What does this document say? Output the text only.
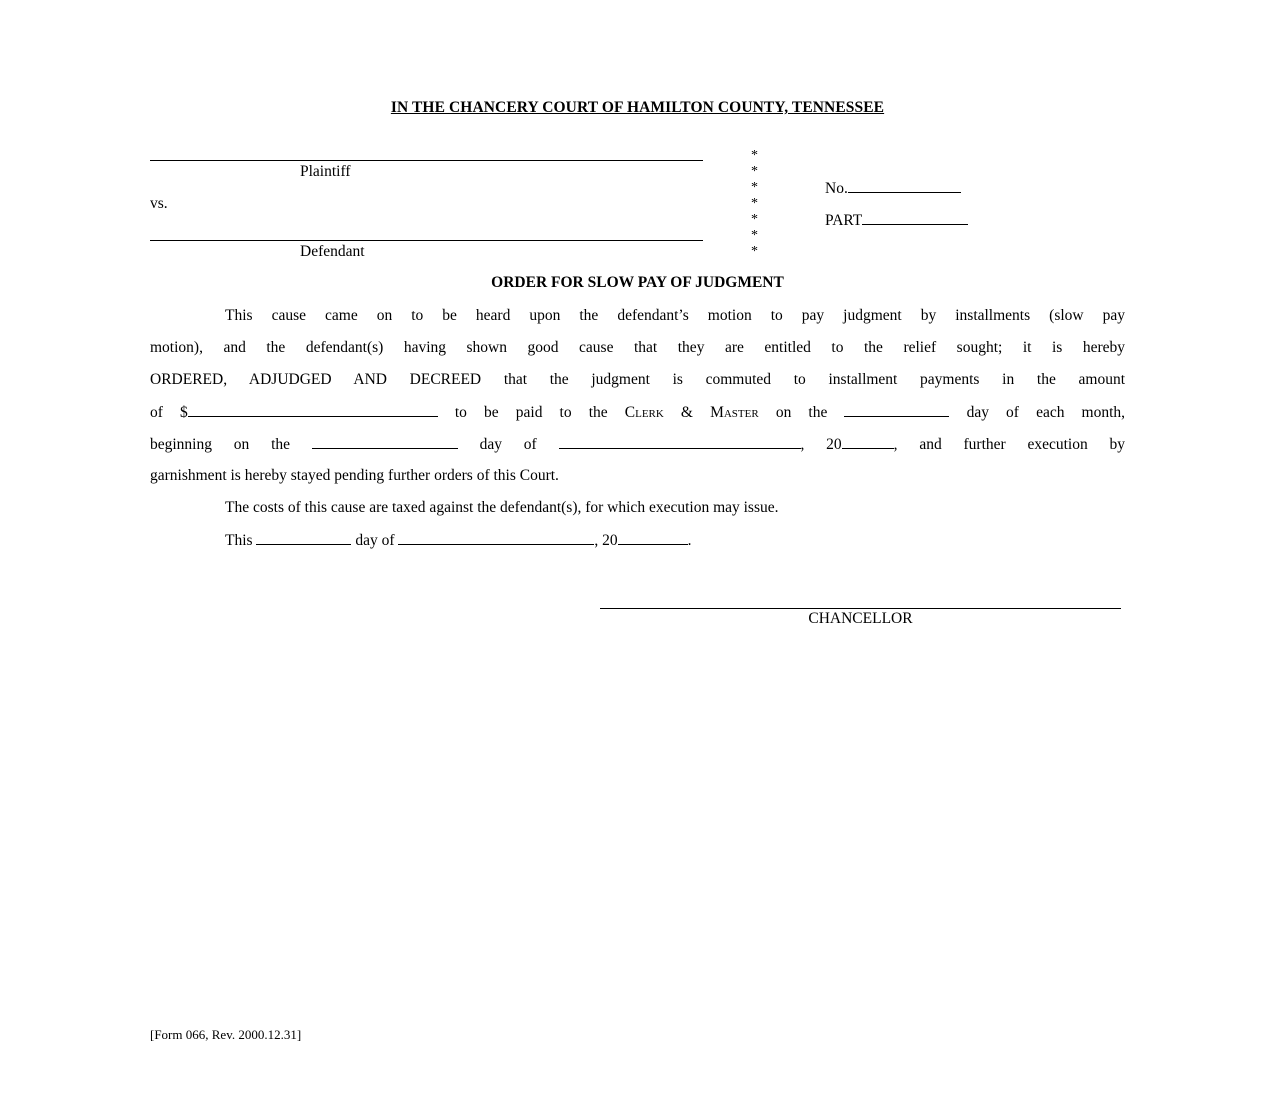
IN THE CHANCERY COURT OF HAMILTON COUNTY, TENNESSEE
Plaintiff
vs.
Defendant
*
*
*
*
*
*
*
No.
PART
ORDER FOR SLOW PAY OF JUDGMENT
This cause came on to be heard upon the defendant’s motion to pay judgment by installments (slow pay
motion), and the defendant(s) having shown good cause that they are entitled to the relief sought; it is hereby
ORDERED, ADJUDGED AND DECREED that the judgment is commuted to installment payments in the amount
of $	to be paid to the Clerk & Master on the	day of each month,
beginning on the	day of	, 20	, and further execution by
garnishment is hereby stayed pending further orders of this Court.
The costs of this cause are taxed against the defendant(s), for which execution may issue.
This	day of	, 20	.
CHANCELLOR
[Form 066, Rev. 2000.12.31]
